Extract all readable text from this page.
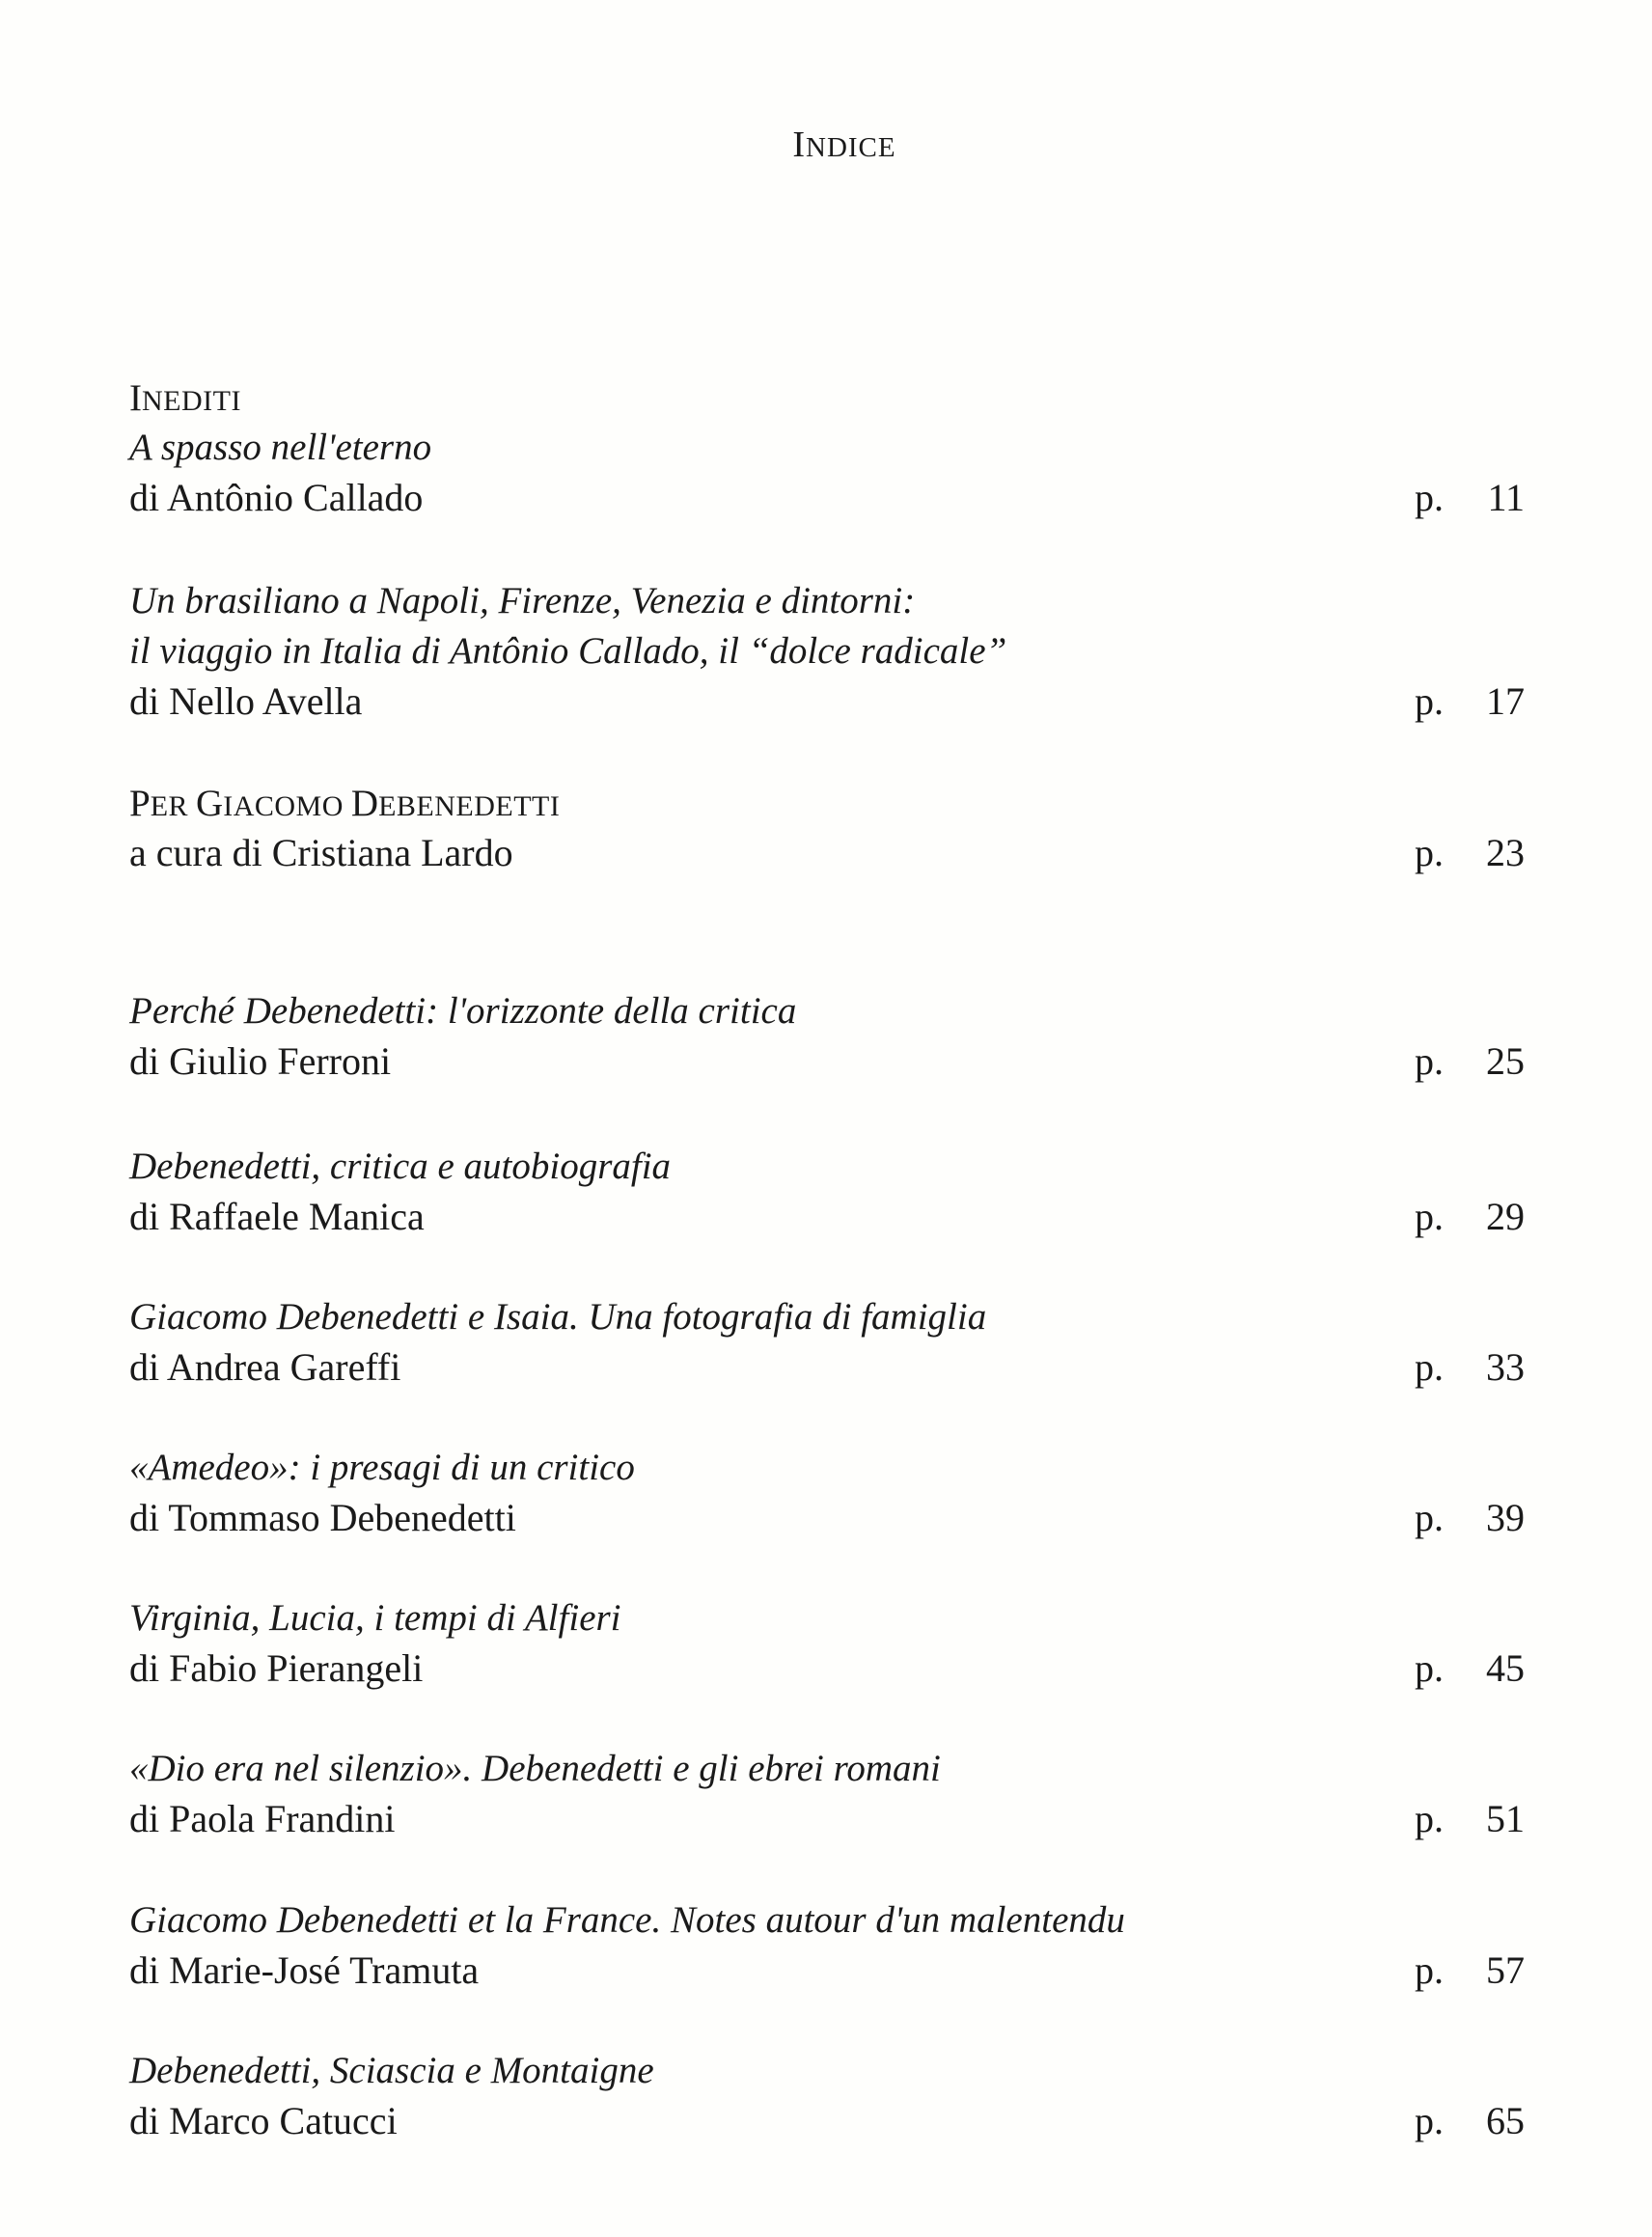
INDICE
INEDITI
A spasso nell'eterno
di Antônio Callado	p. 11
Un brasiliano a Napoli, Firenze, Venezia e dintorni:
il viaggio in Italia di Antônio Callado, il “dolce radicale”
di Nello Avella	p. 17
PER GIACOMO DEBENEDETTI
a cura di Cristiana Lardo	p. 23
Perché Debenedetti: l'orizzonte della critica
di Giulio Ferroni	p. 25
Debenedetti, critica e autobiografia
di Raffaele Manica	p. 29
Giacomo Debenedetti e Isaia. Una fotografia di famiglia
di Andrea Gareffi	p. 33
«Amedeo»: i presagi di un critico
di Tommaso Debenedetti	p. 39
Virginia, Lucia, i tempi di Alfieri
di Fabio Pierangeli	p. 45
«Dio era nel silenzio». Debenedetti e gli ebrei romani
di Paola Frandini	p. 51
Giacomo Debenedetti et la France. Notes autour d'un malentendu
di Marie-José Tramuta	p. 57
Debenedetti, Sciascia e Montaigne
di Marco Catucci	p. 65
